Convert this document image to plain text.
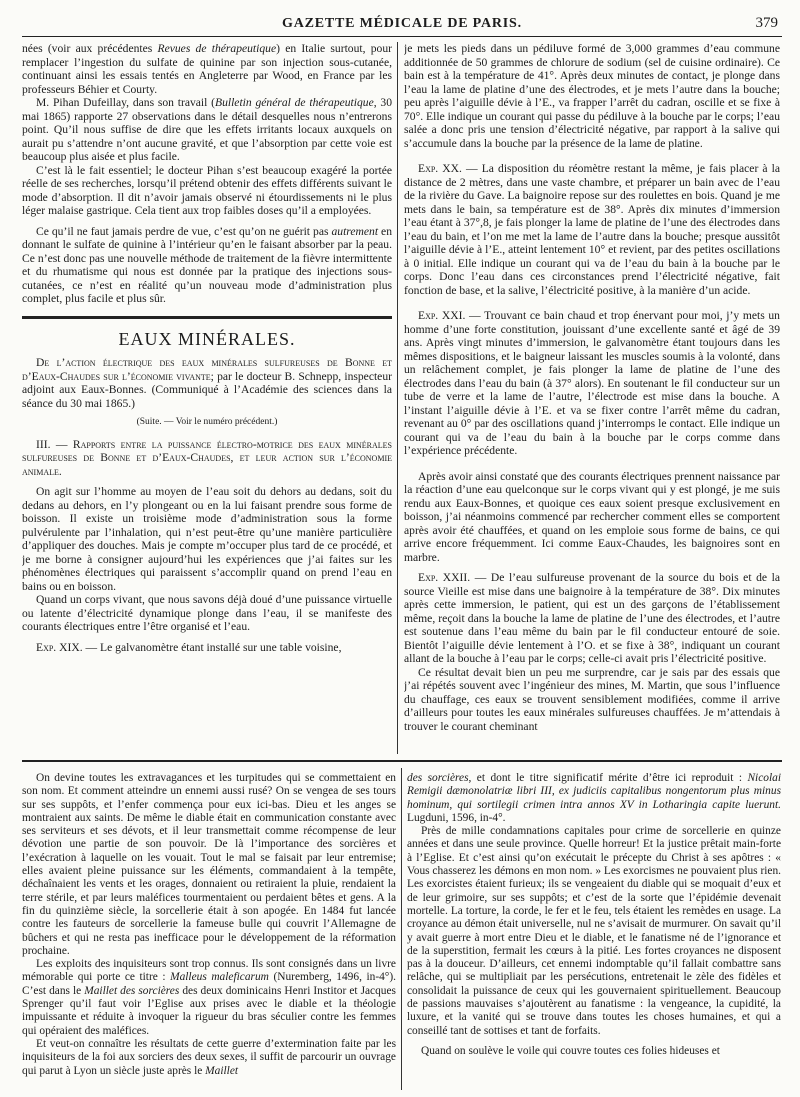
GAZETTE MÉDICALE DE PARIS.	379

nées (voir aux précédentes Revues de thérapeutique) en Italie surtout, pour remplacer l’ingestion du sulfate de quinine par son injection sous-cutanée, continuant ainsi les essais tentés en Angleterre par Wood, en France par les professeurs Béhier et Courty.

M. Pihan Dufeillay, dans son travail (Bulletin général de thérapeutique, 30 mai 1865) rapporte 27 observations dans le détail desquelles nous n’entrerons point. Qu’il nous suffise de dire que les effets irritants locaux auxquels on aurait pu s’attendre n’ont aucune gravité, et que l’absorption par cette voie est beaucoup plus aisée et plus facile.

C’est là le fait essentiel; le docteur Pihan s’est beaucoup exagéré la portée réelle de ses recherches, lorsqu’il prétend obtenir des effets différents suivant le mode d’absorption. Il dit n’avoir jamais observé ni étourdissements ni le plus léger malaise gastrique. Cela tient aux trop faibles doses qu’il a employées.

Ce qu’il ne faut jamais perdre de vue, c’est qu’on ne guérit pas autrement en donnant le sulfate de quinine à l’intérieur qu’en le faisant absorber par la peau. Ce n’est donc pas une nouvelle méthode de traitement de la fièvre intermittente et du rhumatisme qui nous est donnée par la pratique des injections sous-cutanées, ce n’est en réalité qu’un nouveau mode d’administration plus complet, plus facile et plus sûr.

EAUX MINÉRALES.

De l’action électrique des eaux minérales sulfureuses de Bonne et d’Eaux-Chaudes sur l’économie vivante; par le docteur B. Schnepp, inspecteur adjoint aux Eaux-Bonnes. (Communiqué à l’Académie des sciences dans la séance du 30 mai 1865.)

(Suite. — Voir le numéro précédent.)

III. — Rapports entre la puissance électro-motrice des eaux minérales sulfureuses de Bonne et d’Eaux-Chaudes, et leur action sur l’économie animale.

On agit sur l’homme au moyen de l’eau soit du dehors au dedans, soit du dedans au dehors, en l’y plongeant ou en la lui faisant prendre sous forme de boisson. Il existe un troisième mode d’administration sous la forme pulvérulente par l’inhalation, qui n’est peut-être qu’une manière particulière d’appliquer des douches. Mais je compte m’occuper plus tard de ce procédé, et je me borne à consigner aujourd’hui les expériences que j’ai faites sur les phénomènes électriques qui paraissent s’accomplir quand on prend l’eau en bains ou en boisson.

Quand un corps vivant, que nous savons déjà doué d’une puissance virtuelle ou latente d’électricité dynamique plonge dans l’eau, il se manifeste des courants électriques entre l’être organisé et l’eau.

Exp. XIX. — Le galvanomètre étant installé sur une table voisine,

je mets les pieds dans un pédiluve formé de 3,000 grammes d’eau commune additionnée de 50 grammes de chlorure de sodium (sel de cuisine ordinaire). Ce bain est à la température de 41°. Après deux minutes de contact, je plonge dans l’eau la lame de platine d’une des électrodes, et je mets l’autre dans la bouche; peu après l’aiguille dévie à l’E., va frapper l’arrêt du cadran, oscille et se fixe à 70°. Elle indique un courant qui passe du pédiluve à la bouche par le corps; l’eau salée a donc pris une tension d’électricité négative, par rapport à la salive qui s’accumule dans la bouche par la présence de la lame de platine.

Exp. XX. — La disposition du réomètre restant la même, je fais placer à la distance de 2 mètres, dans une vaste chambre, et préparer un bain avec de l’eau de la rivière du Gave. La baignoire repose sur des roulettes en bois. Quand je me mets dans le bain, sa température est de 38°. Après dix minutes d’immersion l’eau étant à 37°,8, je fais plonger la lame de platine de l’une des électrodes dans l’eau du bain, et l’on me met la lame de l’autre dans la bouche; presque aussitôt l’aiguille dévie à l’E., atteint lentement 10° et revient, par des petites oscillations à 0 initial. Elle indique un courant qui va de l’eau du bain à la bouche par le corps. Donc l’eau dans ces circonstances prend l’électricité négative, fait fonction de base, et la salive, l’électricité positive, à la manière d’un acide.

Exp. XXI. — Trouvant ce bain chaud et trop énervant pour moi, j’y mets un homme d’une forte constitution, jouissant d’une excellente santé et âgé de 39 ans. Après vingt minutes d’immersion, le galvanomètre étant toujours dans les mêmes dispositions, et le baigneur laissant les muscles soumis à la volonté, dans un relâchement complet, je fais plonger la lame de platine de l’une des électrodes dans l’eau du bain (à 37° alors). En soutenant le fil conducteur sur un tube de verre et la lame de l’autre, l’électrode est mise dans la bouche. A l’instant l’aiguille dévie à l’E. et va se fixer contre l’arrêt même du cadran, revenant au 0° par des oscillations quand j’interromps le contact. Elle indique un courant qui va de l’eau du bain à la bouche par le corps comme dans l’expérience précédente.

Après avoir ainsi constaté que des courants électriques prennent naissance par la réaction d’une eau quelconque sur le corps vivant qui y est plongé, je me suis rendu aux Eaux-Bonnes, et quoique ces eaux soient presque exclusivement en boisson, j’ai néanmoins commencé par rechercher comment elles se comportent après avoir été chauffées, et quand on les emploie sous forme de bains, ce qui arrive encore fréquemment. Ici comme Eaux-Chaudes, les baignoires sont en marbre.

Exp. XXII. — De l’eau sulfureuse provenant de la source du bois et de la source Vieille est mise dans une baignoire à la température de 38°. Dix minutes après cette immersion, le patient, qui est un des garçons de l’établissement même, reçoit dans la bouche la lame de platine de l’une des électrodes, et l’autre est soutenue dans l’eau même du bain par le fil conducteur entouré de soie. Bientôt l’aiguille dévie lentement à l’O. et se fixe à 38°, indiquant un courant allant de la bouche à l’eau par le corps; celle-ci avait pris l’électricité positive.

Ce résultat devait bien un peu me surprendre, car je sais par des essais que j’ai répétés souvent avec l’ingénieur des mines, M. Martin, que sous l’influence du chauffage, ces eaux se trouvent sensiblement modifiées, comme il arrive d’ailleurs pour toutes les eaux minérales sulfureuses chauffées. Je m’attendais à trouver le courant cheminant

On devine toutes les extravagances et les turpitudes qui se commettaient en son nom. Et comment atteindre un ennemi aussi rusé? On se vengea de ses tours sur ses suppôts, et l’enfer commença pour eux ici-bas. Dieu et les anges se montraient aux saints. De même le diable était en communication constante avec ses serviteurs et ses dévots, et il leur transmettait comme récompense de leur dévotion une partie de son pouvoir. De là l’importance des sorcières et l’exécration à laquelle on les vouait. Tout le mal se faisait par leur entremise; elles avaient pleine puissance sur les éléments, commandaient à la tempête, déchaînaient les vents et les orages, donnaient ou retiraient la pluie, rendaient la terre stérile, et par leurs maléfices tourmentaient ou perdaient bêtes et gens. A la fin du quinzième siècle, la sorcellerie était à son apogée. En 1484 fut lancée contre les fauteurs de sorcellerie la fameuse bulle qui couvrit l’Allemagne de bûchers et qui ne resta pas inefficace pour le développement de la réformation prochaine.

Les exploits des inquisiteurs sont trop connus. Ils sont consignés dans un livre mémorable qui porte ce titre : Malleus maleficarum (Nuremberg, 1496, in-4°). C’est dans le Maillet des sorcières des deux dominicains Henri Institor et Jacques Sprenger qu’il faut voir l’Eglise aux prises avec le diable et la théologie impuissante et réduite à invoquer la rigueur du bras séculier contre les femmes qui opéraient des maléfices.

Et veut-on connaître les résultats de cette guerre d’extermination faite par les inquisiteurs de la foi aux sorciers des deux sexes, il suffit de parcourir un ouvrage qui parut à Lyon un siècle juste après le Maillet

des sorcières, et dont le titre significatif mérite d’être ici reproduit : Nicolai Remigii dæmonolatriæ libri III, ex judiciis capitalibus nongentorum plus minus hominum, qui sortilegii crimen intra annos XV in Lotharingia capite luerunt. Lugduni, 1596, in-4°.

Près de mille condamnations capitales pour crime de sorcellerie en quinze années et dans une seule province. Quelle horreur! Et la justice prêtait main-forte à l’Eglise. Et c’est ainsi qu’on exécutait le précepte du Christ à ses apôtres : « Vous chasserez les démons en mon nom. » Les exorcismes ne pouvaient plus rien. Les exorcistes étaient furieux; ils se vengeaient du diable qui se moquait d’eux et de leur grimoire, sur ses suppôts; et c’est de la sorte que l’épidémie devenait mortelle. La torture, la corde, le fer et le feu, tels étaient les remèdes en usage. La croyance au démon était universelle, nul ne s’avisait de murmurer. On savait qu’il y avait guerre à mort entre Dieu et le diable, et le fanatisme né de l’ignorance et de la superstition, fermait les cœurs à la pitié. Les fortes croyances ne disposent pas à la douceur. D’ailleurs, cet ennemi indomptable qu’il fallait combattre sans relâche, qui se multipliait par les persécutions, entretenait le zèle des fidèles et consolidait la puissance de ceux qui les gouvernaient spirituellement. Beaucoup de passions mauvaises s’ajoutèrent au fanatisme : la vengeance, la cupidité, la luxure, et la vanité qui se trouve dans toutes les choses humaines, et qui a conseillé tant de sottises et tant de forfaits.

Quand on soulève le voile qui couvre toutes ces folies hideuses et
